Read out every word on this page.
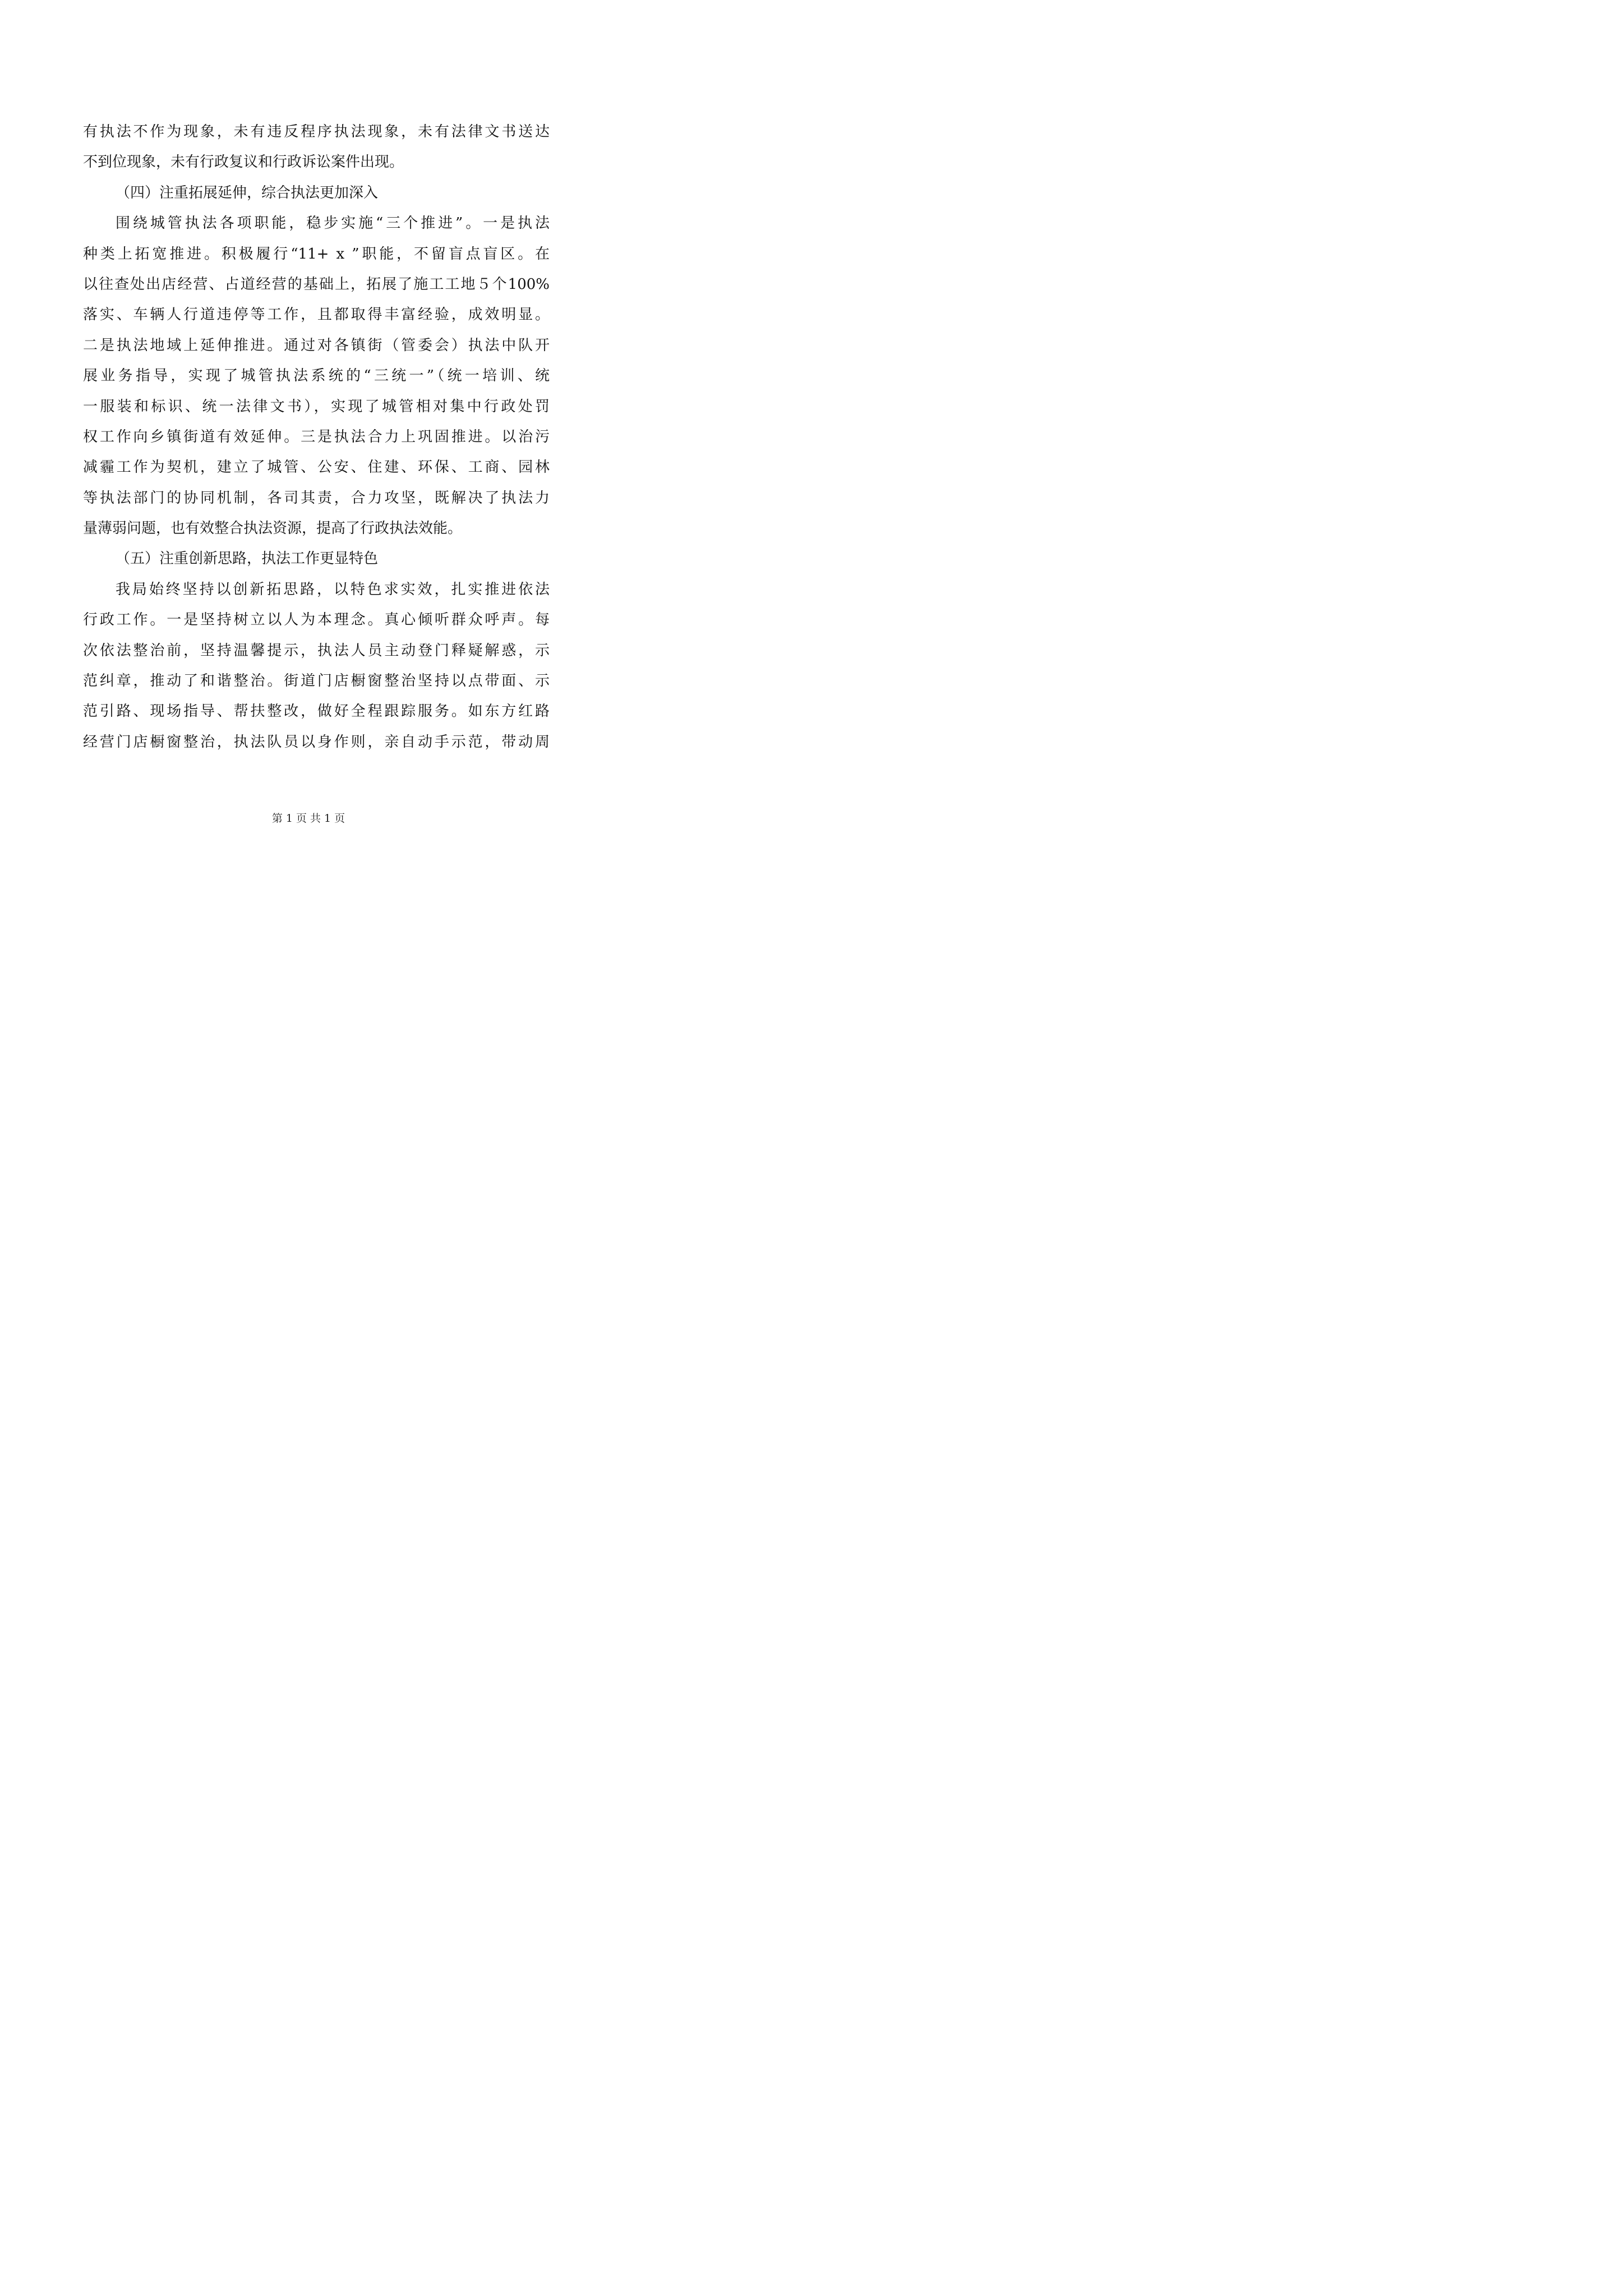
有执法不作为现象，未有违反程序执法现象，未有法律文书送达
不到位现象，未有行政复议和行政诉讼案件出现。
（四）注重拓展延伸，综合执法更加深入
围绕城管执法各项职能，稳步实施“三个推进”。一是执法
种类上拓宽推进。积极履行“11+ x ”职能，不留盲点盲区。在
以往查处出店经营、占道经营的基础上，拓展了施工工地５个100%
落实、车辆人行道违停等工作，且都取得丰富经验，成效明显。
二是执法地域上延伸推进。通过对各镇街（管委会）执法中队开
展业务指导，实现了城管执法系统的“三统一”（统一培训、统
一服装和标识、统一法律文书），实现了城管相对集中行政处罚
权工作向乡镇街道有效延伸。三是执法合力上巩固推进。以治污
减霾工作为契机，建立了城管、公安、住建、环保、工商、园林
等执法部门的协同机制，各司其责，合力攻坚，既解决了执法力
量薄弱问题，也有效整合执法资源，提高了行政执法效能。
（五）注重创新思路，执法工作更显特色
我局始终坚持以创新拓思路，以特色求实效，扎实推进依法
行政工作。一是坚持树立以人为本理念。真心倾听群众呼声。每
次依法整治前，坚持温馨提示，执法人员主动登门释疑解惑，示
范纠章，推动了和谐整治。街道门店橱窗整治坚持以点带面、示
范引路、现场指导、帮扶整改，做好全程跟踪服务。如东方红路
经营门店橱窗整治，执法队员以身作则，亲自动手示范，带动周
第 1 页 共 1 页
